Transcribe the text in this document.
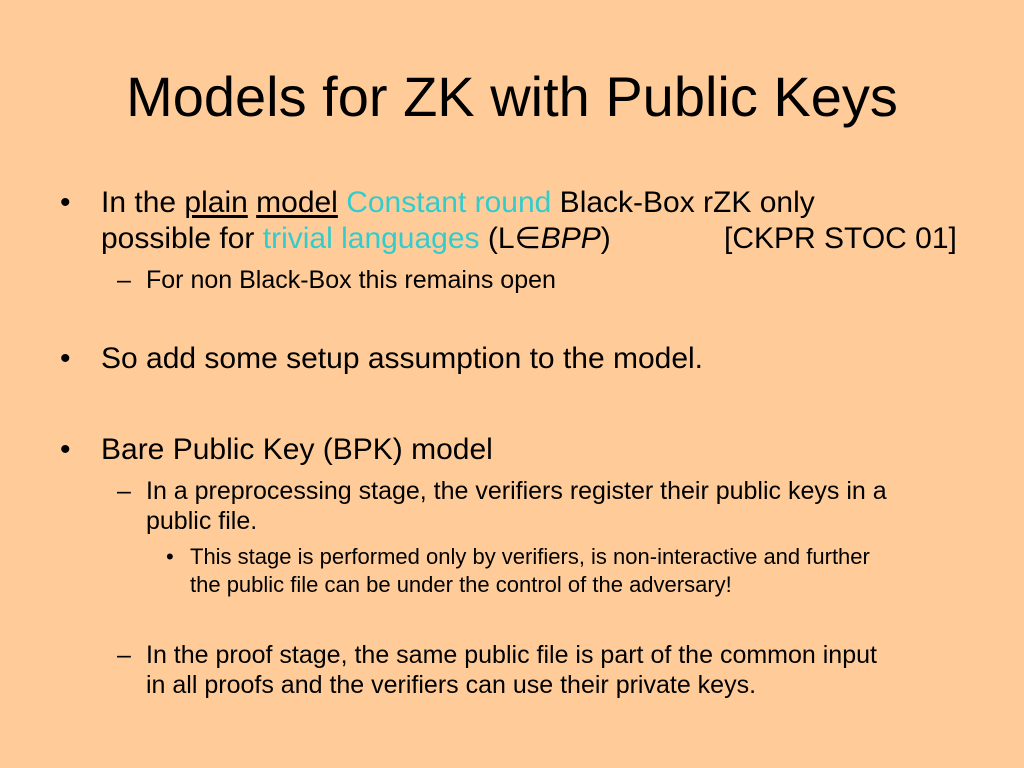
Models for ZK with Public Keys
• In the plain model Constant round Black-Box rZK only
possible for trivial languages (L∈BPP)	[CKPR STOC 01]
– For non Black-Box this remains open
• So add some setup assumption to the model.
• Bare Public Key (BPK) model
– In a preprocessing stage, the verifiers register their public keys in a
public file.
• This stage is performed only by verifiers, is non-interactive and further
the public file can be under the control of the adversary!
– In the proof stage, the same public file is part of the common input
in all proofs and the verifiers can use their private keys.
